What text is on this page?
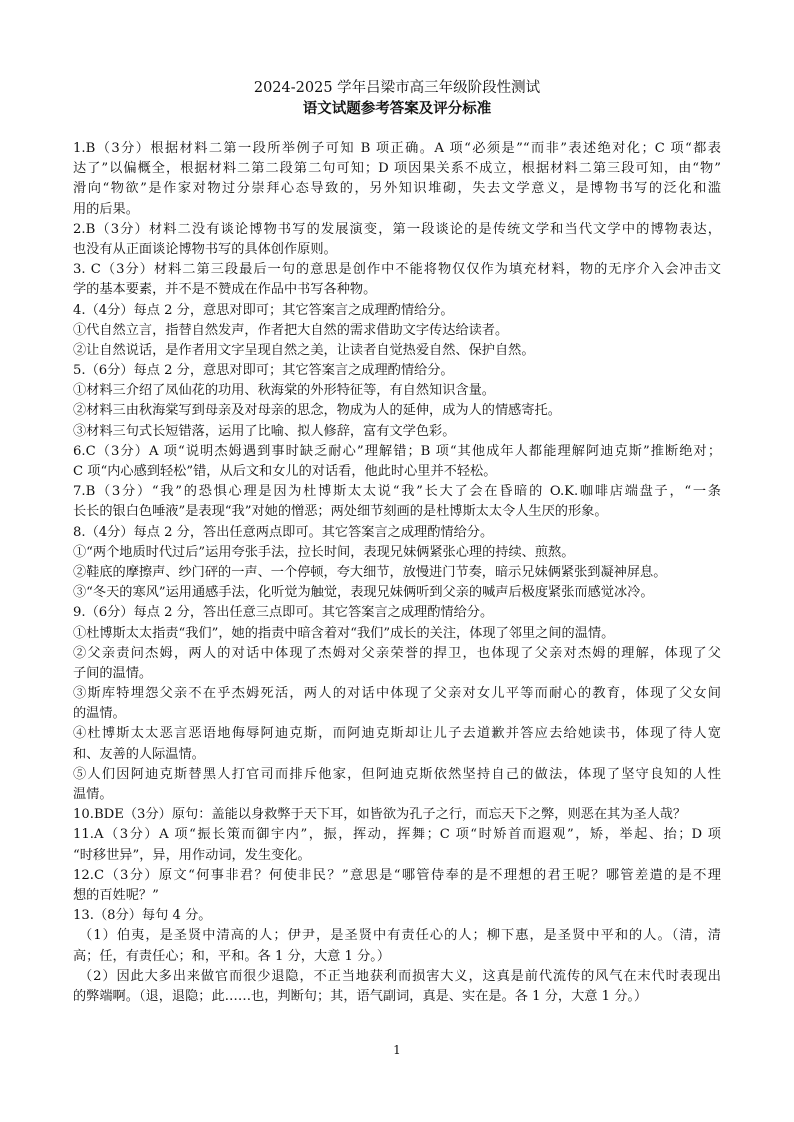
2024-2025 学年吕梁市高三年级阶段性测试
语文试题参考答案及评分标准
1.B（3分）根据材料二第一段所举例子可知 B 项正确。A 项“必须是”“而非”表述绝对化；C 项“都表
达了”以偏概全，根据材料二第二段第二句可知；D 项因果关系不成立，根据材料二第三段可知，由“物”
滑向“物欲”是作家对物过分崇拜心态导致的，另外知识堆砌，失去文学意义，是博物书写的泛化和滥
用的后果。
2.B（3分）材料二没有谈论博物书写的发展演变，第一段谈论的是传统文学和当代文学中的博物表达，
也没有从正面谈论博物书写的具体创作原则。
3. C（3分）材料二第三段最后一句的意思是创作中不能将物仅仅作为填充材料，物的无序介入会冲击文
学的基本要素，并不是不赞成在作品中书写各种物。
4.（4分）每点 2 分，意思对即可；其它答案言之成理酌情给分。
①代自然立言，指替自然发声，作者把大自然的需求借助文字传达给读者。
②让自然说话，是作者用文字呈现自然之美，让读者自觉热爱自然、保护自然。
5.（6分）每点 2 分，意思对即可；其它答案言之成理酌情给分。
①材料三介绍了凤仙花的功用、秋海棠的外形特征等，有自然知识含量。
②材料三由秋海棠写到母亲及对母亲的思念，物成为人的延伸，成为人的情感寄托。
③材料三句式长短错落，运用了比喻、拟人修辞，富有文学色彩。
6.C（3分）A 项“说明杰姆遇到事时缺乏耐心”理解错；B 项“其他成年人都能理解阿迪克斯”推断绝对；
C 项“内心感到轻松”错，从后文和女儿的对话看，他此时心里并不轻松。
7.B（3分）“我”的恐惧心理是因为杜博斯太太说“我”长大了会在昏暗的 O.K.咖啡店端盘子，“一条
长长的银白色唾液”是表现“我”对她的憎恶；两处细节刻画的是杜博斯太太令人生厌的形象。
8.（4分）每点 2 分，答出任意两点即可。其它答案言之成理酌情给分。
①“两个地质时代过后”运用夸张手法，拉长时间，表现兄妹俩紧张心理的持续、煎熬。
②鞋底的摩擦声、纱门砰的一声、一个停顿，夸大细节，放慢进门节奏，暗示兄妹俩紧张到凝神屏息。
③“冬天的寒风”运用通感手法，化听觉为触觉，表现兄妹俩听到父亲的喊声后极度紧张而感觉冰冷。
9.（6分）每点 2 分，答出任意三点即可。其它答案言之成理酌情给分。
①杜博斯太太指责“我们”，她的指责中暗含着对“我们”成长的关注，体现了邻里之间的温情。
②父亲责问杰姆，两人的对话中体现了杰姆对父亲荣誉的捍卫，也体现了父亲对杰姆的理解，体现了父
子间的温情。
③斯库特埋怨父亲不在乎杰姆死活，两人的对话中体现了父亲对女儿平等而耐心的教育，体现了父女间
的温情。
④杜博斯太太恶言恶语地侮辱阿迪克斯，而阿迪克斯却让儿子去道歉并答应去给她读书，体现了待人宽
和、友善的人际温情。
⑤人们因阿迪克斯替黑人打官司而排斥他家，但阿迪克斯依然坚持自己的做法，体现了坚守良知的人性
温情。
10.BDE（3分）原句：盖能以身救弊于天下耳，如皆欲为孔子之行，而忘天下之弊，则恶在其为圣人哉？
11.A（3分）A 项“振长策而御宇内”，振，挥动，挥舞；C 项“时矫首而遐观”，矫，举起、抬；D 项
“时移世异”，异，用作动词，发生变化。
12.C（3分）原文“何事非君？何使非民？”意思是“哪管侍奉的是不理想的君王呢？哪管差遣的是不理
想的百姓呢？”
13.（8分）每句 4 分。
（1）伯夷，是圣贤中清高的人；伊尹，是圣贤中有责任心的人；柳下惠，是圣贤中平和的人。（清，清
高；任，有责任心；和，平和。各 1 分，大意 1 分。）
（2）因此大多出来做官而很少退隐，不正当地获利而损害大义，这真是前代流传的风气在末代时表现出
的弊端啊。（退，退隐；此……也，判断句；其，语气副词，真是、实在是。各 1 分，大意 1 分。）
1
